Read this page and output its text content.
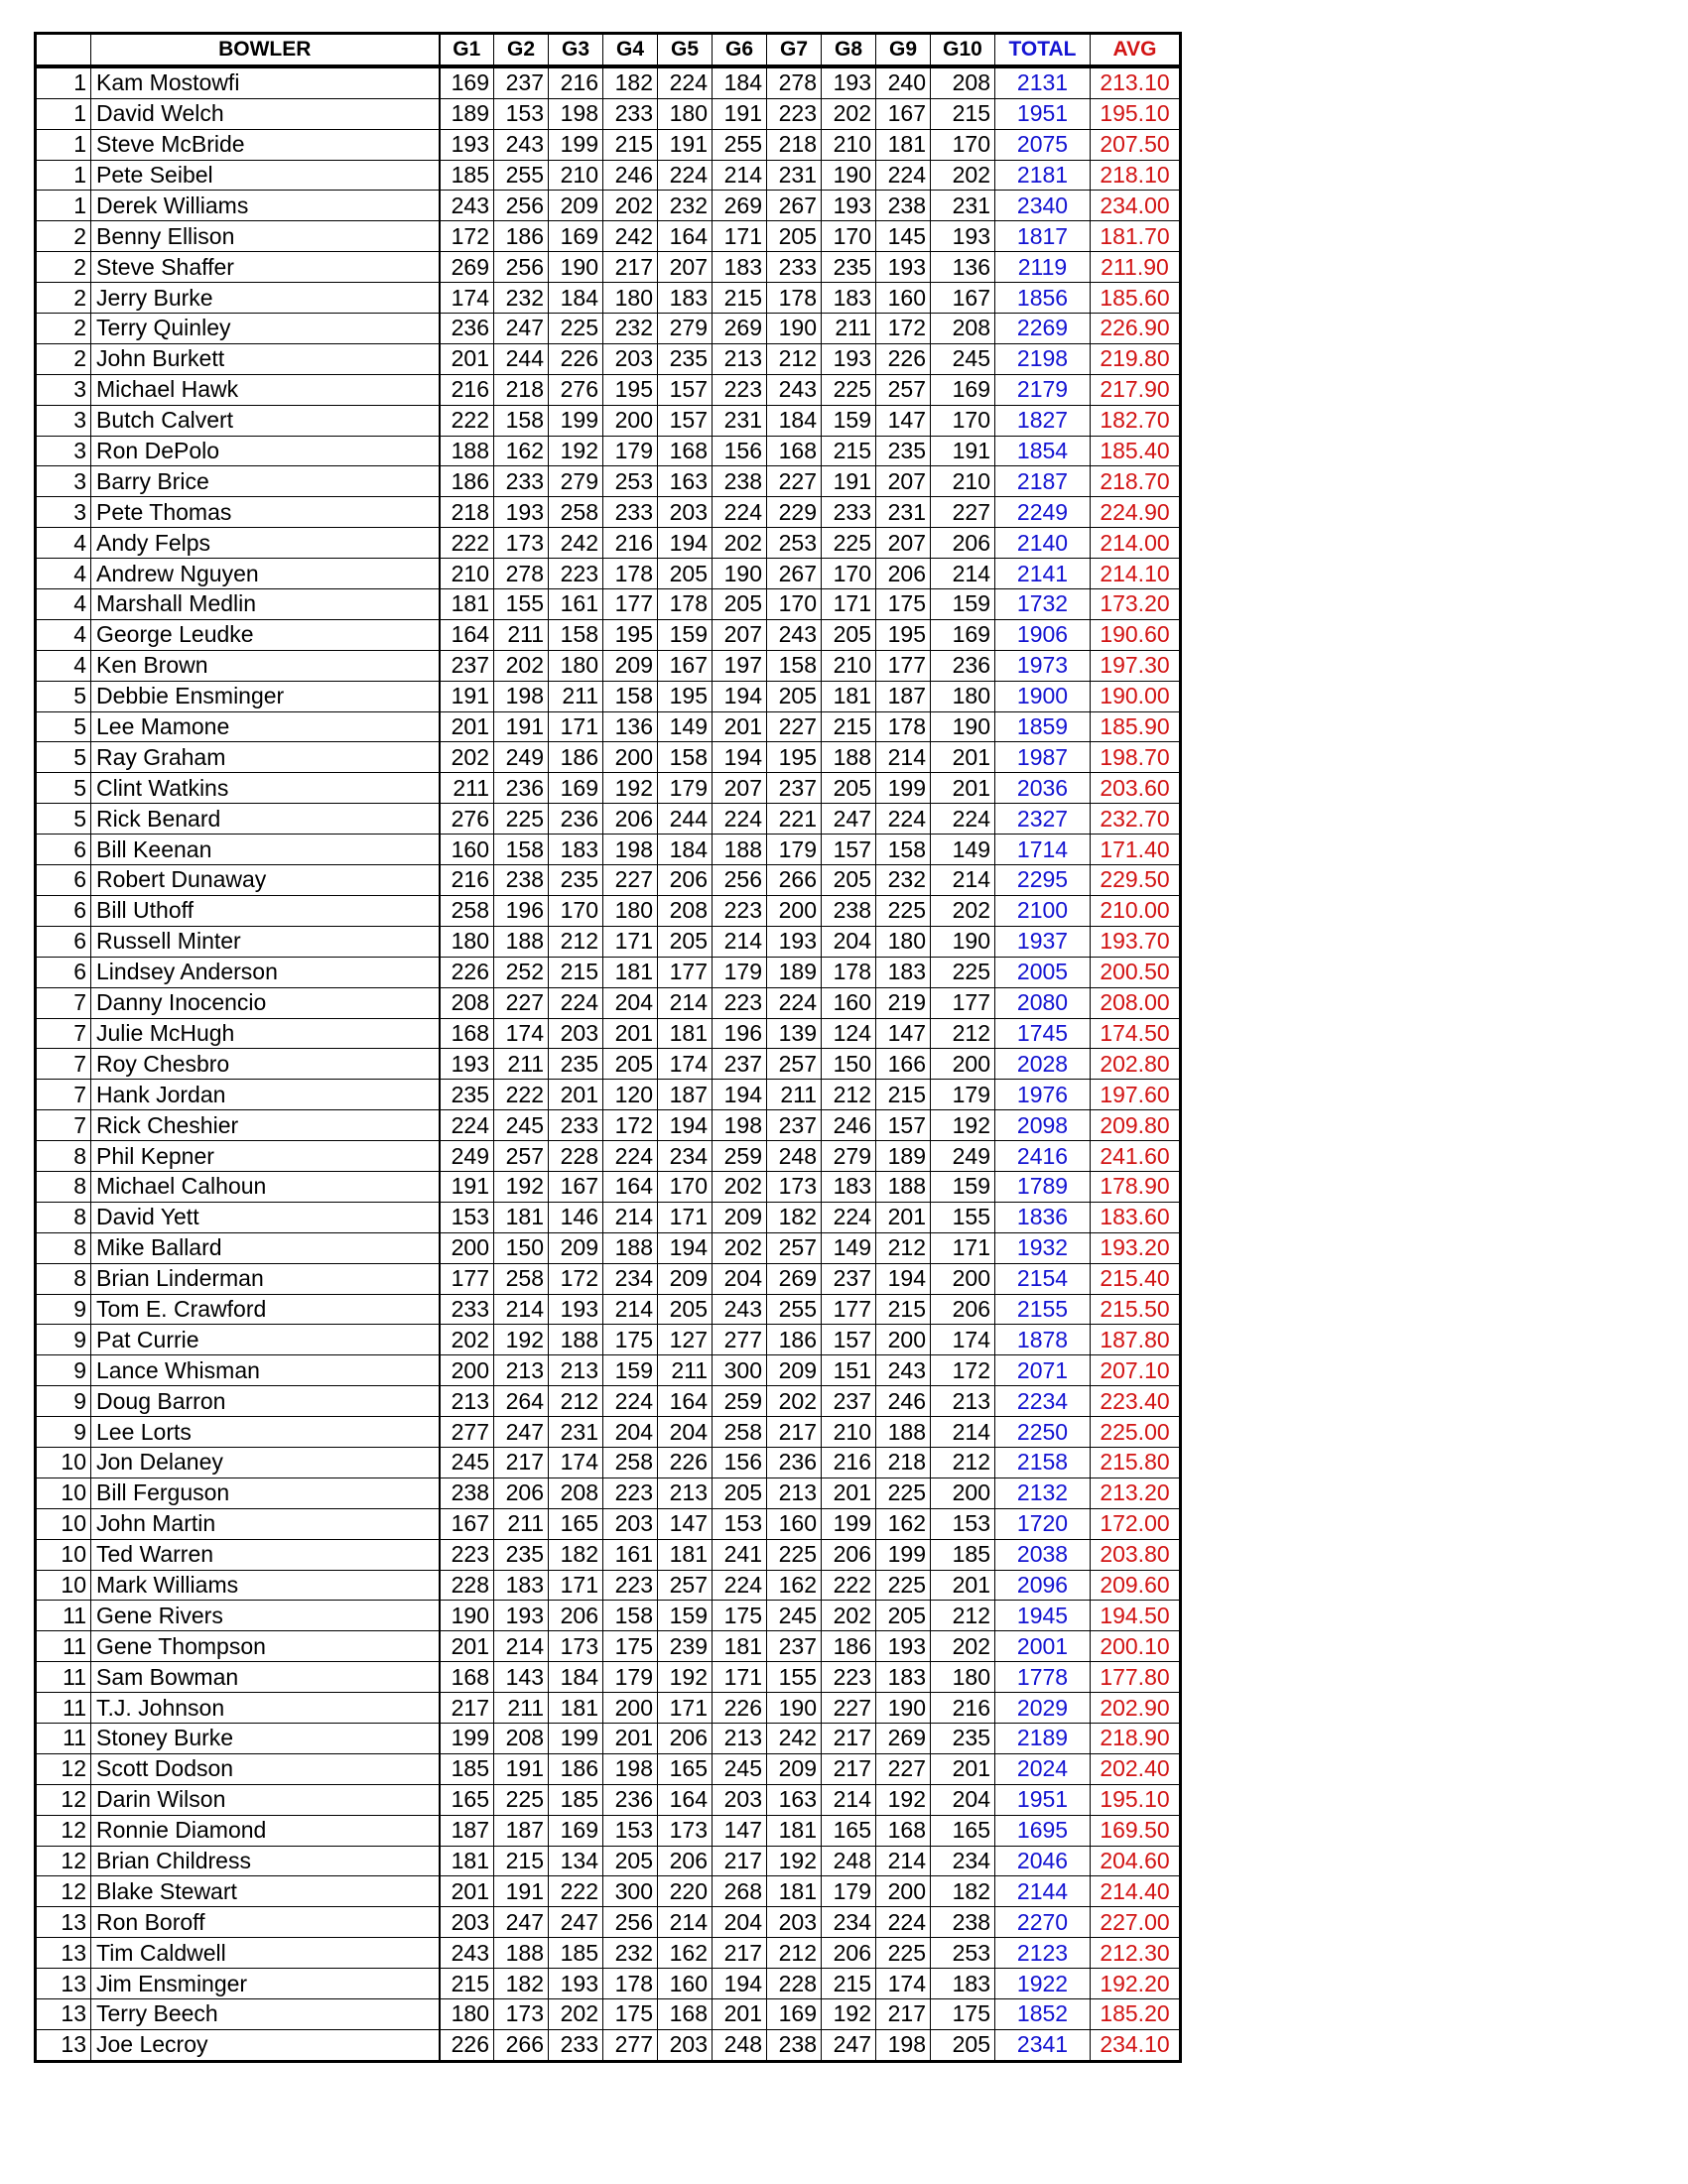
	BOWLER	G1	G2	G3	G4	G5	G6	G7	G8	G9	G10	TOTAL	AVG
1	Kam Mostowfi	169	237	216	182	224	184	278	193	240	208	2131	213.10
1	David Welch	189	153	198	233	180	191	223	202	167	215	1951	195.10
1	Steve McBride	193	243	199	215	191	255	218	210	181	170	2075	207.50
1	Pete Seibel	185	255	210	246	224	214	231	190	224	202	2181	218.10
1	Derek Williams	243	256	209	202	232	269	267	193	238	231	2340	234.00
2	Benny Ellison	172	186	169	242	164	171	205	170	145	193	1817	181.70
2	Steve Shaffer	269	256	190	217	207	183	233	235	193	136	2119	211.90
2	Jerry Burke	174	232	184	180	183	215	178	183	160	167	1856	185.60
2	Terry Quinley	236	247	225	232	279	269	190	211	172	208	2269	226.90
2	John Burkett	201	244	226	203	235	213	212	193	226	245	2198	219.80
3	Michael Hawk	216	218	276	195	157	223	243	225	257	169	2179	217.90
3	Butch Calvert	222	158	199	200	157	231	184	159	147	170	1827	182.70
3	Ron DePolo	188	162	192	179	168	156	168	215	235	191	1854	185.40
3	Barry Brice	186	233	279	253	163	238	227	191	207	210	2187	218.70
3	Pete Thomas	218	193	258	233	203	224	229	233	231	227	2249	224.90
4	Andy Felps	222	173	242	216	194	202	253	225	207	206	2140	214.00
4	Andrew Nguyen	210	278	223	178	205	190	267	170	206	214	2141	214.10
4	Marshall Medlin	181	155	161	177	178	205	170	171	175	159	1732	173.20
4	George Leudke	164	211	158	195	159	207	243	205	195	169	1906	190.60
4	Ken Brown	237	202	180	209	167	197	158	210	177	236	1973	197.30
5	Debbie Ensminger	191	198	211	158	195	194	205	181	187	180	1900	190.00
5	Lee Mamone	201	191	171	136	149	201	227	215	178	190	1859	185.90
5	Ray Graham	202	249	186	200	158	194	195	188	214	201	1987	198.70
5	Clint Watkins	211	236	169	192	179	207	237	205	199	201	2036	203.60
5	Rick Benard	276	225	236	206	244	224	221	247	224	224	2327	232.70
6	Bill Keenan	160	158	183	198	184	188	179	157	158	149	1714	171.40
6	Robert Dunaway	216	238	235	227	206	256	266	205	232	214	2295	229.50
6	Bill Uthoff	258	196	170	180	208	223	200	238	225	202	2100	210.00
6	Russell Minter	180	188	212	171	205	214	193	204	180	190	1937	193.70
6	Lindsey Anderson	226	252	215	181	177	179	189	178	183	225	2005	200.50
7	Danny Inocencio	208	227	224	204	214	223	224	160	219	177	2080	208.00
7	Julie McHugh	168	174	203	201	181	196	139	124	147	212	1745	174.50
7	Roy Chesbro	193	211	235	205	174	237	257	150	166	200	2028	202.80
7	Hank Jordan	235	222	201	120	187	194	211	212	215	179	1976	197.60
7	Rick Cheshier	224	245	233	172	194	198	237	246	157	192	2098	209.80
8	Phil Kepner	249	257	228	224	234	259	248	279	189	249	2416	241.60
8	Michael Calhoun	191	192	167	164	170	202	173	183	188	159	1789	178.90
8	David Yett	153	181	146	214	171	209	182	224	201	155	1836	183.60
8	Mike Ballard	200	150	209	188	194	202	257	149	212	171	1932	193.20
8	Brian Linderman	177	258	172	234	209	204	269	237	194	200	2154	215.40
9	Tom E. Crawford	233	214	193	214	205	243	255	177	215	206	2155	215.50
9	Pat Currie	202	192	188	175	127	277	186	157	200	174	1878	187.80
9	Lance Whisman	200	213	213	159	211	300	209	151	243	172	2071	207.10
9	Doug Barron	213	264	212	224	164	259	202	237	246	213	2234	223.40
9	Lee Lorts	277	247	231	204	204	258	217	210	188	214	2250	225.00
10	Jon Delaney	245	217	174	258	226	156	236	216	218	212	2158	215.80
10	Bill Ferguson	238	206	208	223	213	205	213	201	225	200	2132	213.20
10	John Martin	167	211	165	203	147	153	160	199	162	153	1720	172.00
10	Ted Warren	223	235	182	161	181	241	225	206	199	185	2038	203.80
10	Mark Williams	228	183	171	223	257	224	162	222	225	201	2096	209.60
11	Gene Rivers	190	193	206	158	159	175	245	202	205	212	1945	194.50
11	Gene Thompson	201	214	173	175	239	181	237	186	193	202	2001	200.10
11	Sam Bowman	168	143	184	179	192	171	155	223	183	180	1778	177.80
11	T.J. Johnson	217	211	181	200	171	226	190	227	190	216	2029	202.90
11	Stoney Burke	199	208	199	201	206	213	242	217	269	235	2189	218.90
12	Scott Dodson	185	191	186	198	165	245	209	217	227	201	2024	202.40
12	Darin Wilson	165	225	185	236	164	203	163	214	192	204	1951	195.10
12	Ronnie Diamond	187	187	169	153	173	147	181	165	168	165	1695	169.50
12	Brian Childress	181	215	134	205	206	217	192	248	214	234	2046	204.60
12	Blake Stewart	201	191	222	300	220	268	181	179	200	182	2144	214.40
13	Ron Boroff	203	247	247	256	214	204	203	234	224	238	2270	227.00
13	Tim Caldwell	243	188	185	232	162	217	212	206	225	253	2123	212.30
13	Jim Ensminger	215	182	193	178	160	194	228	215	174	183	1922	192.20
13	Terry Beech	180	173	202	175	168	201	169	192	217	175	1852	185.20
13	Joe Lecroy	226	266	233	277	203	248	238	247	198	205	2341	234.10
